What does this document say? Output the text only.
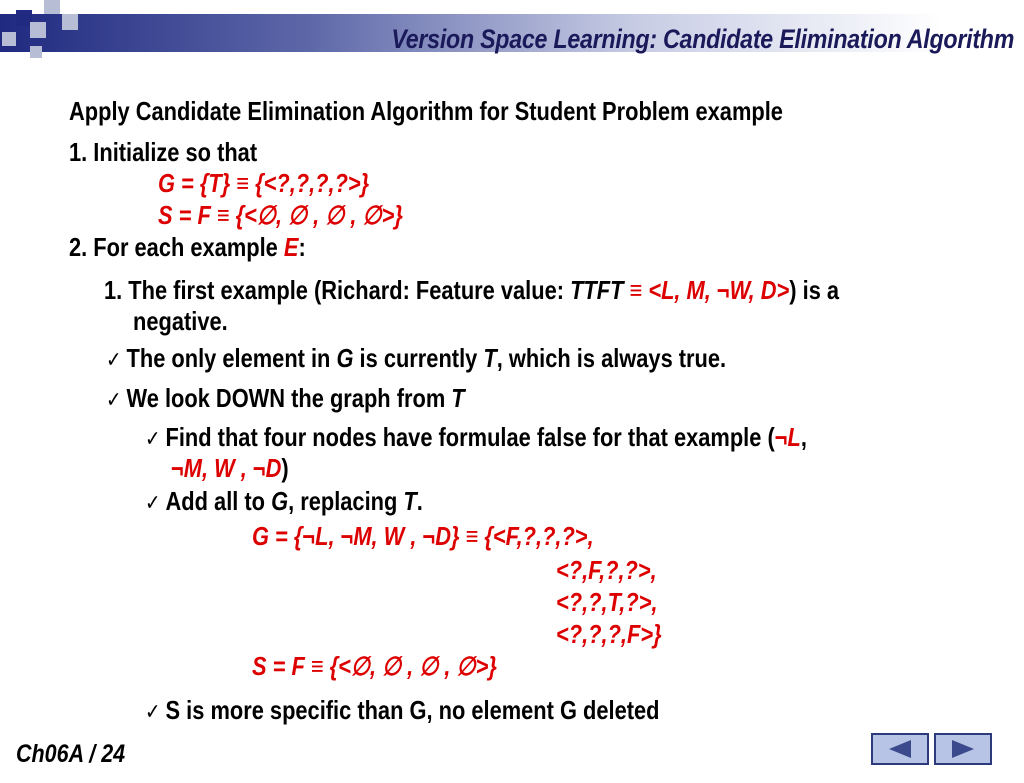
Version Space Learning: Candidate Elimination Algorithm
Apply Candidate Elimination Algorithm for Student Problem example
1. Initialize so that
G = {T} ≡ {<?,?,?,?>}
S = F ≡ {<∅, ∅ , ∅ , ∅>}
2. For each example E:
1. The first example (Richard: Feature value: TTFT ≡ <L, M, ¬W, D>) is a
negative.
✓ The only element in G is currently T, which is always true.
✓ We look DOWN the graph from T
✓ Find that four nodes have formulae false for that example (¬L,
¬M, W , ¬D)
✓ Add all to G, replacing T.
G = {¬L, ¬M, W , ¬D} ≡ {<F,?,?,?>,
<?,F,?,?>,
<?,?,T,?>,
<?,?,?,F>}
S = F ≡ {<∅, ∅ , ∅ , ∅>}
✓ S is more specific than G, no element G deleted
Ch06A / 24
